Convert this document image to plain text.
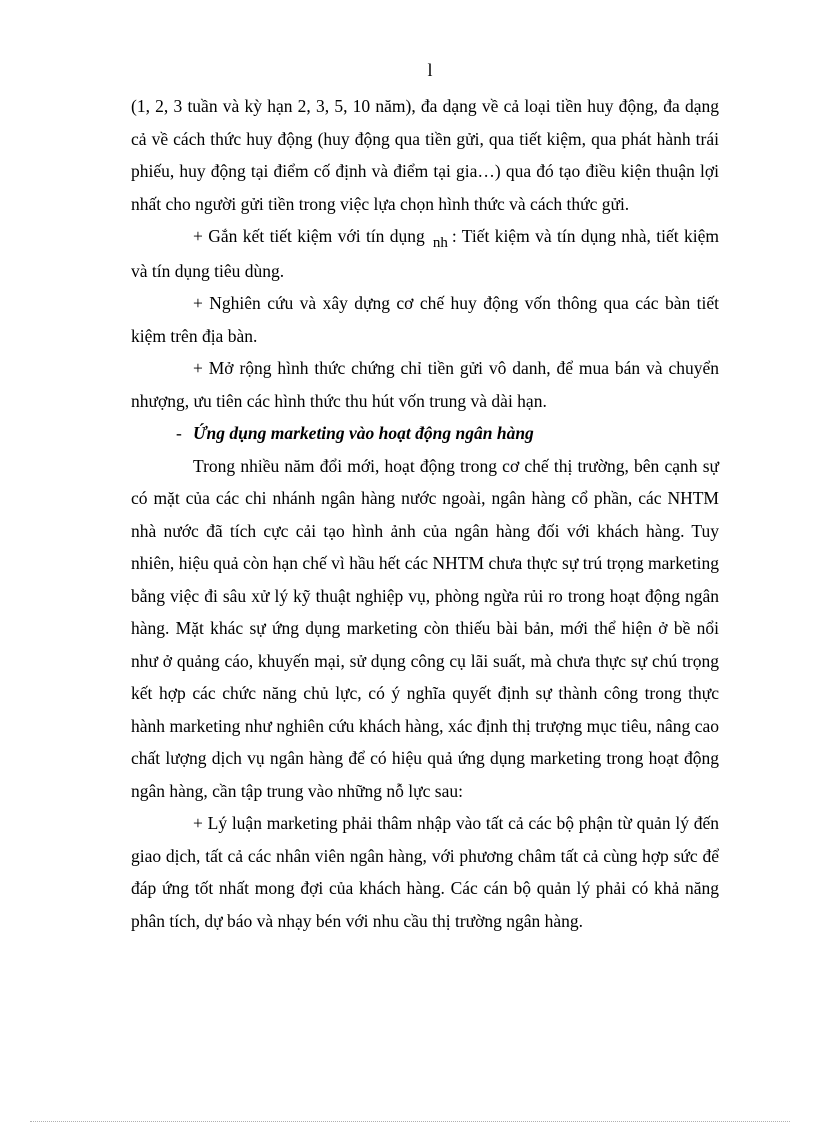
l

(1, 2, 3 tuần và kỳ hạn 2, 3, 5, 10 năm), đa dạng về cả loại tiền huy động, đa dạng cả về cách thức huy động (huy động qua tiền gửi, qua tiết kiệm, qua phát hành trái phiếu, huy động tại điểm cố định và điểm tại gia…) qua đó tạo điều kiện thuận lợi nhất cho người gửi tiền trong việc lựa chọn hình thức và cách thức gửi.

+ Gắn kết tiết kiệm với tín dụng nh : Tiết kiệm và tín dụng nhà, tiết kiệm và tín dụng tiêu dùng.

+ Nghiên cứu và xây dựng cơ chế huy động vốn thông qua các bàn tiết kiệm trên địa bàn.

+ Mở rộng hình thức chứng chỉ tiền gửi vô danh, để mua bán và chuyển nhượng, ưu tiên các hình thức thu hút vốn trung và dài hạn.

- Ứng dụng marketing vào hoạt động ngân hàng

Trong nhiều năm đổi mới, hoạt động trong cơ chế thị trường, bên cạnh sự có mặt của các chi nhánh ngân hàng nước ngoài, ngân hàng cổ phần, các NHTM nhà nước đã tích cực cải tạo hình ảnh của ngân hàng đối với khách hàng. Tuy nhiên, hiệu quả còn hạn chế vì hầu hết các NHTM chưa thực sự trú trọng marketing bằng việc đi sâu xử lý kỹ thuật nghiệp vụ, phòng ngừa rủi ro trong hoạt động ngân hàng. Mặt khác sự ứng dụng marketing còn thiếu bài bản, mới thể hiện ở bề nổi như ở quảng cáo, khuyến mại, sử dụng công cụ lãi suất, mà chưa thực sự chú trọng kết hợp các chức năng chủ lực, có ý nghĩa quyết định sự thành công trong thực hành marketing như nghiên cứu khách hàng, xác định thị trượng mục tiêu, nâng cao chất lượng dịch vụ ngân hàng để có hiệu quả ứng dụng marketing trong hoạt động ngân hàng, cần tập trung vào những nỗ lực sau:

+ Lý luận marketing phải thâm nhập vào tất cả các bộ phận từ quản lý đến giao dịch, tất cả các nhân viên ngân hàng, với phương châm tất cả cùng hợp sức để đáp ứng tốt nhất mong đợi của khách hàng. Các cán bộ quản lý phải có khả năng phân tích, dự báo và nhạy bén với nhu cầu thị trường ngân hàng.
